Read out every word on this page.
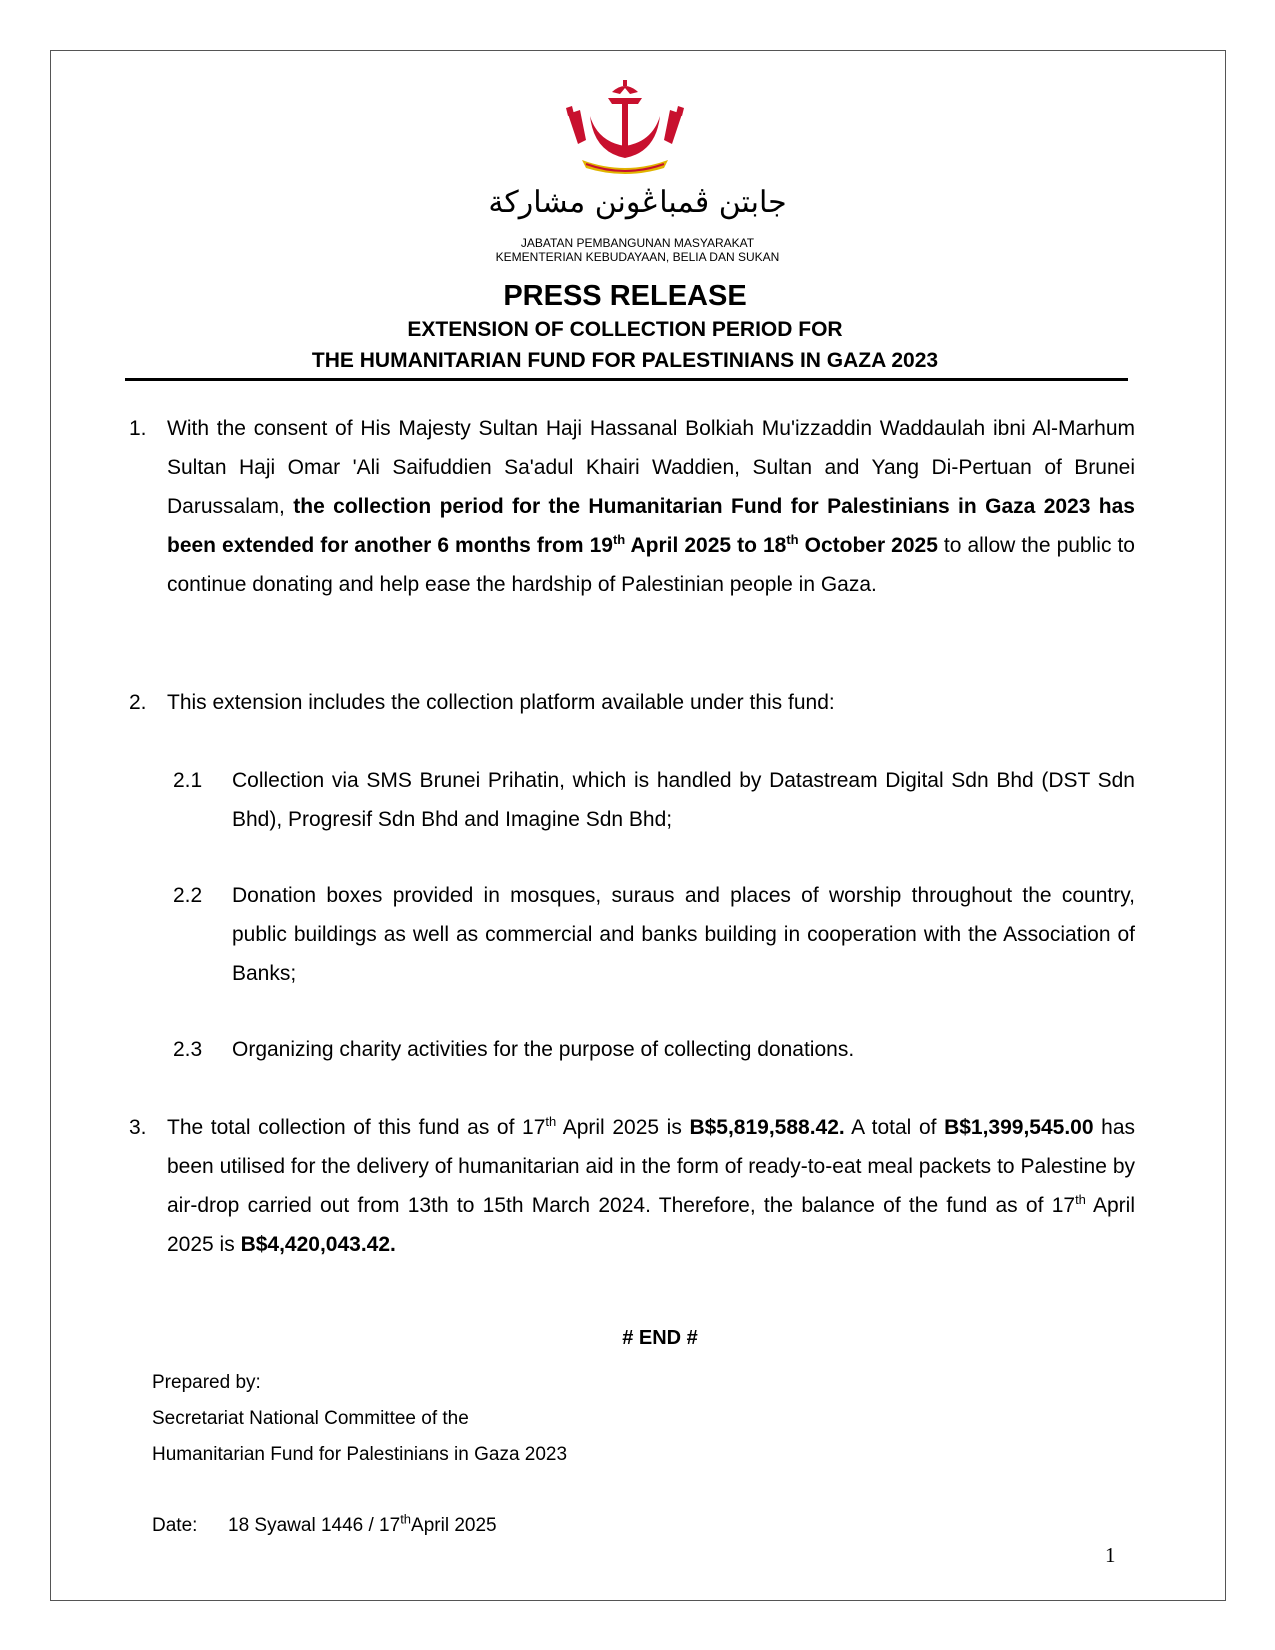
جابتن ڤمباڠونن مشاركة
JABATAN PEMBANGUNAN MASYARAKAT
KEMENTERIAN KEBUDAYAAN, BELIA DAN SUKAN
PRESS RELEASE
EXTENSION OF COLLECTION PERIOD FOR
THE HUMANITARIAN FUND FOR PALESTINIANS IN GAZA 2023
1. With the consent of His Majesty Sultan Haji Hassanal Bolkiah Mu'izzaddin Waddaulah ibni Al-Marhum Sultan Haji Omar 'Ali Saifuddien Sa'adul Khairi Waddien, Sultan and Yang Di-Pertuan of Brunei Darussalam, the collection period for the Humanitarian Fund for Palestinians in Gaza 2023 has been extended for another 6 months from 19th April 2025 to 18th October 2025 to allow the public to continue donating and help ease the hardship of Palestinian people in Gaza.
2. This extension includes the collection platform available under this fund:
2.1 Collection via SMS Brunei Prihatin, which is handled by Datastream Digital Sdn Bhd (DST Sdn Bhd), Progresif Sdn Bhd and Imagine Sdn Bhd;
2.2 Donation boxes provided in mosques, suraus and places of worship throughout the country, public buildings as well as commercial and banks building in cooperation with the Association of Banks;
2.3 Organizing charity activities for the purpose of collecting donations.
3. The total collection of this fund as of 17th April 2025 is B$5,819,588.42. A total of B$1,399,545.00 has been utilised for the delivery of humanitarian aid in the form of ready-to-eat meal packets to Palestine by air-drop carried out from 13th to 15th March 2024. Therefore, the balance of the fund as of 17th April 2025 is B$4,420,043.42.
# END #
Prepared by:
Secretariat National Committee of the
Humanitarian Fund for Palestinians in Gaza 2023
Date: 18 Syawal 1446 / 17thApril 2025
1
